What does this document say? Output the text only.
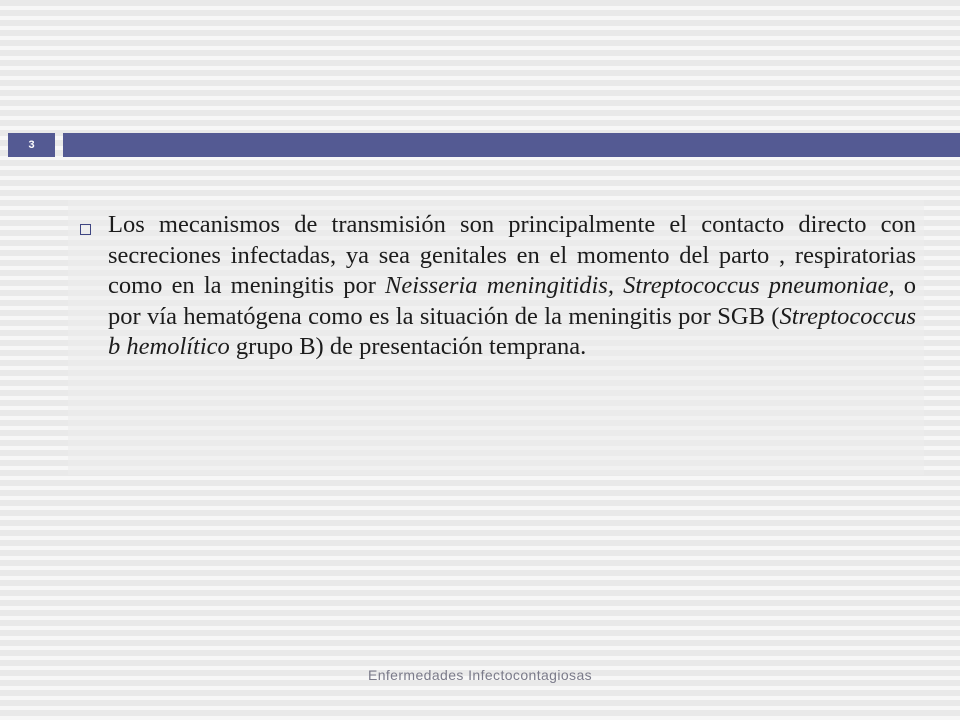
3
Los mecanismos de transmisión son principalmente el contacto directo con secreciones infectadas, ya sea genitales en el momento del parto , respiratorias como en la meningitis por Neisseria meningitidis, Streptococcus pneumoniae, o por vía hematógena como es la situación de la meningitis por SGB (Streptococcus b hemolítico grupo B) de presentación temprana.
Enfermedades Infectocontagiosas
